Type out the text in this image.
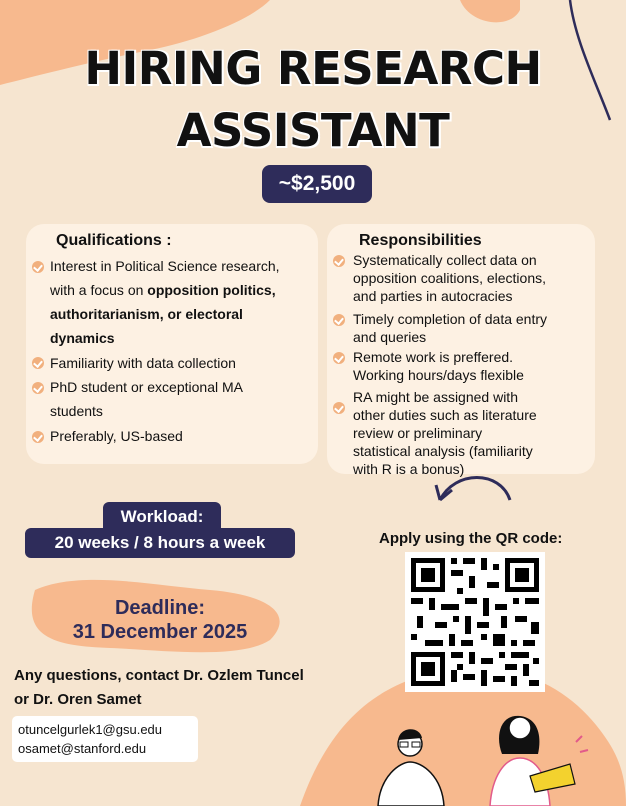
HIRING RESEARCH
ASSISTANT
~$2,500
Qualifications :
Interest in Political Science research,
with a focus on opposition politics,
authoritarianism, or electoral
dynamics
Familiarity with data collection
PhD student or exceptional MA
students
Preferably, US-based
Responsibilities
Systematically collect data on
opposition coalitions, elections,
and parties in autocracies
Timely completion of data entry
and queries
Remote work is preffered.
Working hours/days flexible
RA might be assigned with
other duties such as literature
review or preliminary
statistical analysis (familiarity
with R is a bonus)
Workload:
20 weeks / 8 hours a week	Apply using the QR code:
Deadline:
31 December 2025
Any questions, contact Dr. Ozlem Tuncel
or Dr. Oren Samet
otuncelgurlek1@gsu.edu
osamet@stanford.edu
